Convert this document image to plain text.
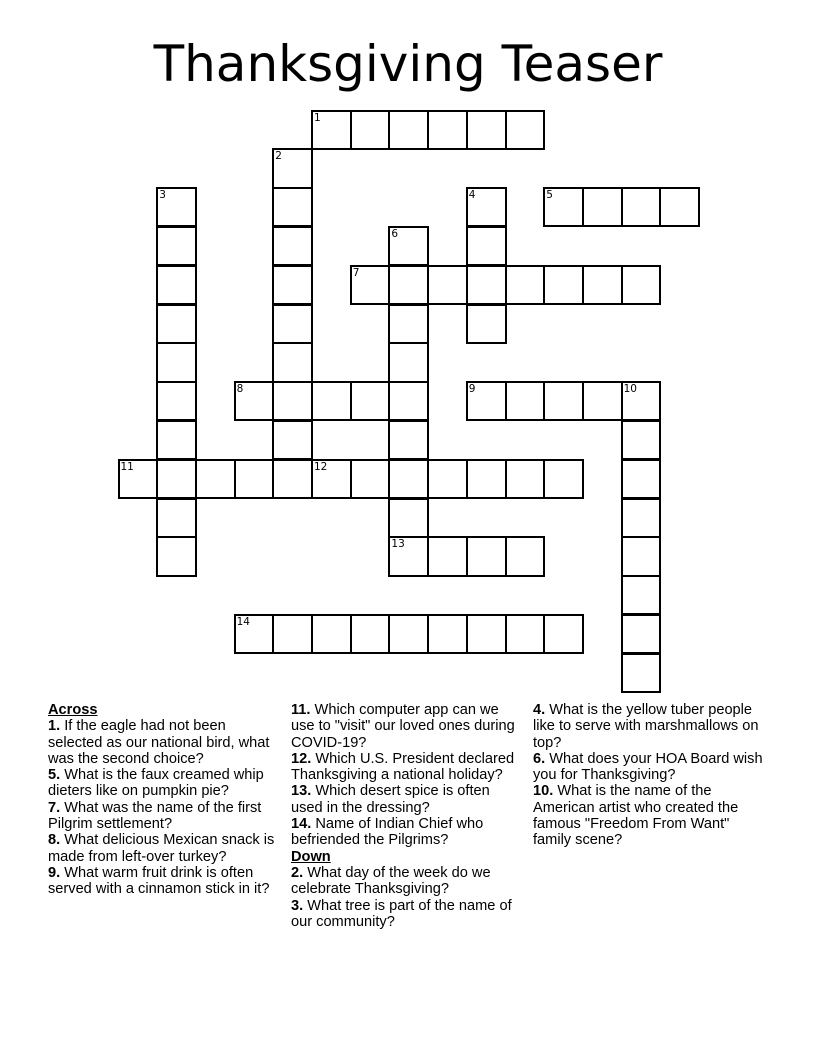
Thanksgiving Teaser
1
2
3	4	5
6
13
7
8	9	10
11	12
14
Across
1. If the eagle had not been selected as our national bird, what was the second choice?
5. What is the faux creamed whip dieters like on pumpkin pie?
7. What was the name of the first Pilgrim settlement?
8. What delicious Mexican snack is made from left-over turkey?
9. What warm fruit drink is often served with a cinnamon stick in it?
11. Which computer app can we use to "visit" our loved ones during COVID-19?
12. Which U.S. President declared Thanksgiving a national holiday?
13. Which desert spice is often used in the dressing?
14. Name of Indian Chief who befriended the Pilgrims?
Down
2. What day of the week do we celebrate Thanksgiving?
3. What tree is part of the name of our community?
4. What is the yellow tuber people like to serve with marshmallows on top?
6. What does your HOA Board wish you for Thanksgiving?
10. What is the name of the American artist who created the famous "Freedom From Want" family scene?
